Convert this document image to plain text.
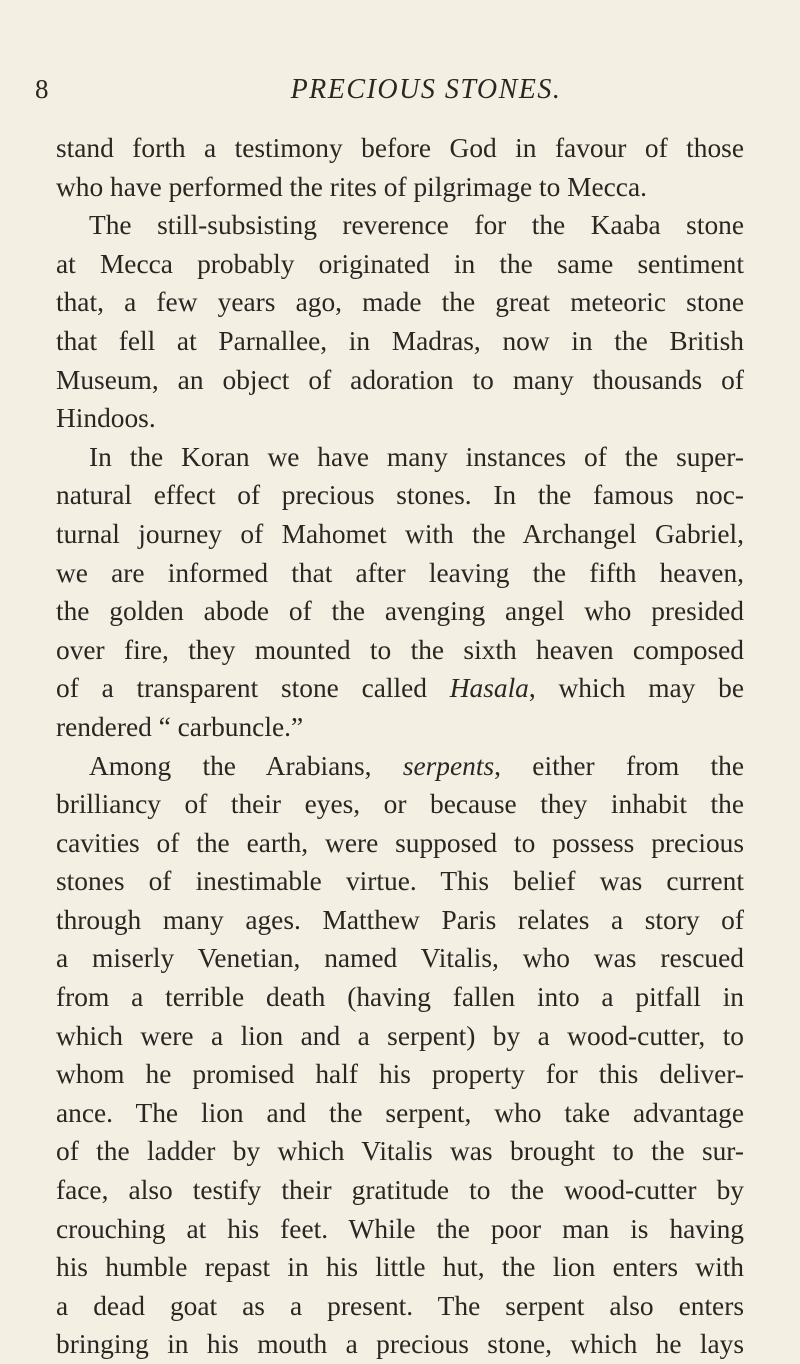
8	PRECIOUS STONES.
stand forth a testimony before God in favour of those
who have performed the rites of pilgrimage to Mecca.
The still-subsisting reverence for the Kaaba stone
at Mecca probably originated in the same sentiment
that, a few years ago, made the great meteoric stone
that fell at Parnallee, in Madras, now in the British
Museum, an object of adoration to many thousands of
Hindoos.
In the Koran we have many instances of the super-
natural effect of precious stones. In the famous noc-
turnal journey of Mahomet with the Archangel Gabriel,
we are informed that after leaving the fifth heaven,
the golden abode of the avenging angel who presided
over fire, they mounted to the sixth heaven composed
of a transparent stone called Hasala, which may be
rendered “ carbuncle.”
Among the Arabians, serpents, either from the
brilliancy of their eyes, or because they inhabit the
cavities of the earth, were supposed to possess precious
stones of inestimable virtue. This belief was current
through many ages. Matthew Paris relates a story of
a miserly Venetian, named Vitalis, who was rescued
from a terrible death (having fallen into a pitfall in
which were a lion and a serpent) by a wood-cutter, to
whom he promised half his property for this deliver-
ance. The lion and the serpent, who take advantage
of the ladder by which Vitalis was brought to the sur-
face, also testify their gratitude to the wood-cutter by
crouching at his feet. While the poor man is having
his humble repast in his little hut, the lion enters with
a dead goat as a present. The serpent also enters
bringing in his mouth a precious stone, which he lays
